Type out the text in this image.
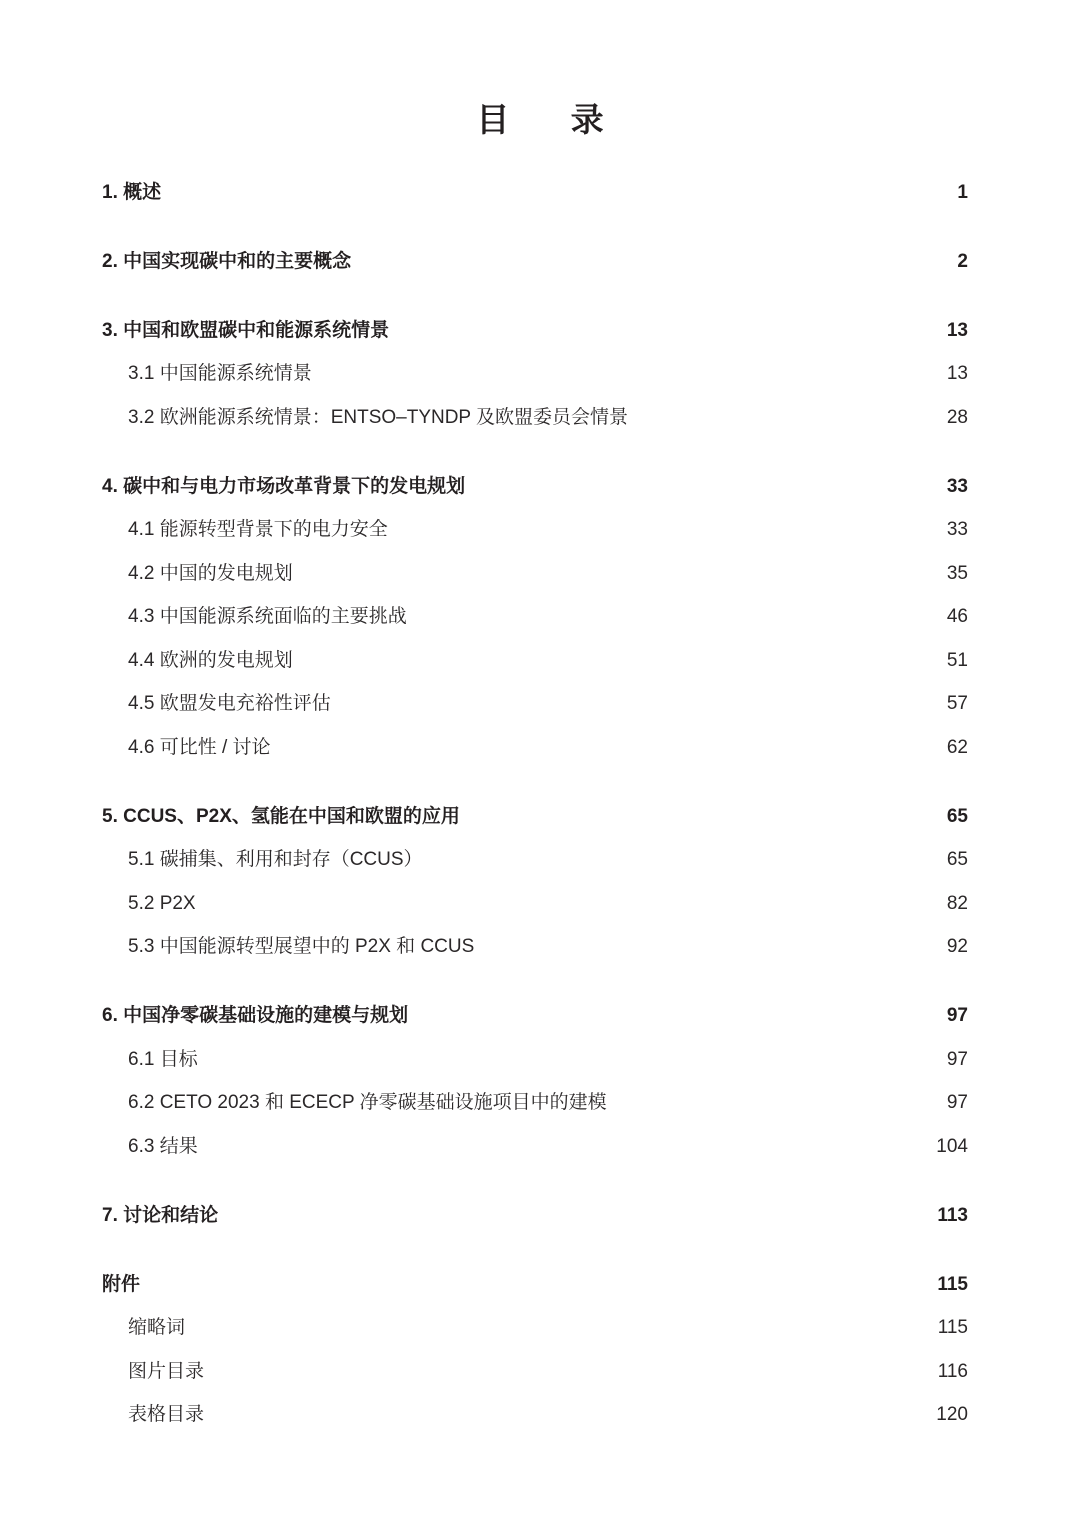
目 录
1. 概述	1
2. 中国实现碳中和的主要概念	2
3. 中国和欧盟碳中和能源系统情景	13
3.1 中国能源系统情景	13
3.2 欧洲能源系统情景：ENTSO–TYNDP 及欧盟委员会情景	28
4. 碳中和与电力市场改革背景下的发电规划	33
4.1 能源转型背景下的电力安全	33
4.2 中国的发电规划	35
4.3 中国能源系统面临的主要挑战	46
4.4 欧洲的发电规划	51
4.5 欧盟发电充裕性评估	57
4.6 可比性 / 讨论	62
5. CCUS、P2X、氢能在中国和欧盟的应用	65
5.1 碳捕集、利用和封存（CCUS）	65
5.2 P2X	82
5.3 中国能源转型展望中的 P2X 和 CCUS	92
6. 中国净零碳基础设施的建模与规划	97
6.1 目标	97
6.2 CETO 2023 和 ECECP 净零碳基础设施项目中的建模	97
6.3 结果	104
7. 讨论和结论	113
附件	115
缩略词	115
图片目录	116
表格目录	120
